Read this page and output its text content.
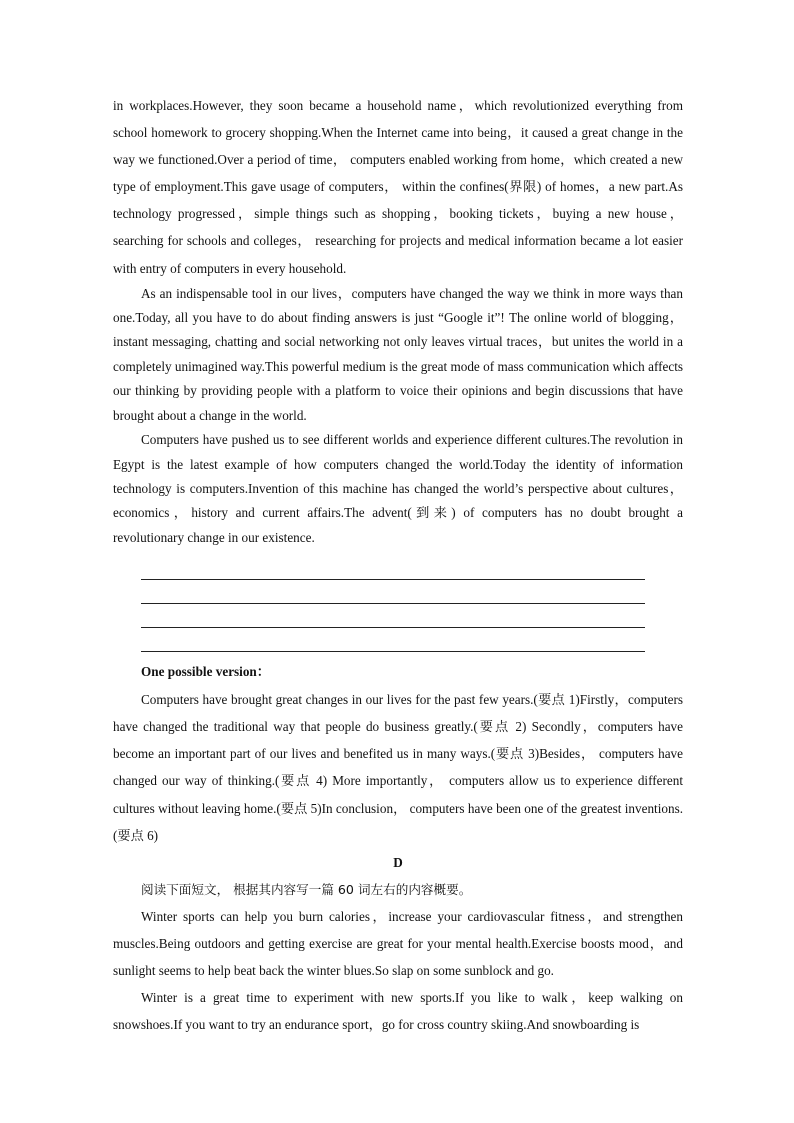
in workplaces.However, they soon became a household name，which revolutionized everything from school homework to grocery shopping.When the Internet came into being，it caused a great change in the way we functioned.Over a period of time， computers enabled working from home，which created a new type of employment.This gave usage of computers， within the confines(界限) of homes，a new part.As technology progressed，simple things such as shopping，booking tickets，buying a new house， searching for schools and colleges， researching for projects and medical information became a lot easier with entry of computers in every household.

As an indispensable tool in our lives，computers have changed the way we think in more ways than one.Today, all you have to do about finding answers is just “Google it”! The online world of blogging，instant messaging, chatting and social networking not only leaves virtual traces，but unites the world in a completely unimagined way.This powerful medium is the great mode of mass communication which affects our thinking by providing people with a platform to voice their opinions and begin discussions that have brought about a change in the world.

Computers have pushed us to see different worlds and experience different cultures.The revolution in Egypt is the latest example of how computers changed the world.Today the identity of information technology is computers.Invention of this machine has changed the world’s perspective about cultures，economics，history and current affairs.The advent(到来) of computers has no doubt brought a revolutionary change in our existence.

One possible version：

Computers have brought great changes in our lives for the past few years.(要点 1)Firstly，computers have changed the traditional way that people do business greatly.(要点 2) Secondly，computers have become an important part of our lives and benefited us in many ways.(要点 3)Besides， computers have changed our way of thinking.(要点 4) More importantly， computers allow us to experience different cultures without leaving home.(要点 5)In conclusion， computers have been one of the greatest inventions.(要点 6)

D

阅读下面短文， 根据其内容写一篇 60 词左右的内容概要。

Winter sports can help you burn calories，increase your cardiovascular fitness，and strengthen muscles.Being outdoors and getting exercise are great for your mental health.Exercise boosts mood，and sunlight seems to help beat back the winter blues.So slap on some sunblock and go.

Winter is a great time to experiment with new sports.If you like to walk，keep walking on snowshoes.If you want to try an endurance sport，go for cross country skiing.And snowboarding is
